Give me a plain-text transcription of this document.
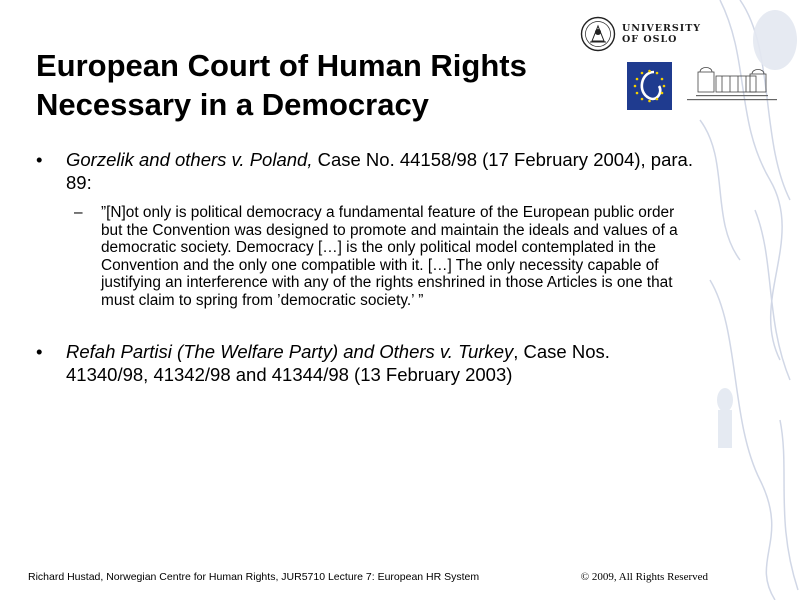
European Court of Human Rights
Necessary in a Democracy
•	Gorzelik and others v. Poland, Case No. 44158/98 (17 February 2004), para. 89:
– ”[N]ot only is political democracy a fundamental feature of the European public order but the Convention was designed to promote and maintain the ideals and values of a democratic society. Democracy […] is the only political model contemplated in the Convention and the only one compatible with it. […] The only necessity capable of justifying an interference with any of the rights enshrined in those Articles is one that must claim to spring from ’democratic society.’ ”
•	Refah Partisi (The Welfare Party) and Others v. Turkey, Case Nos. 41340/98, 41342/98 and 41344/98 (13 February 2003)
UNIVERSITY
OF OSLO
Richard Hustad, Norwegian Centre for Human Rights, JUR5710 Lecture 7: European HR System	© 2009, All Rights Reserved
